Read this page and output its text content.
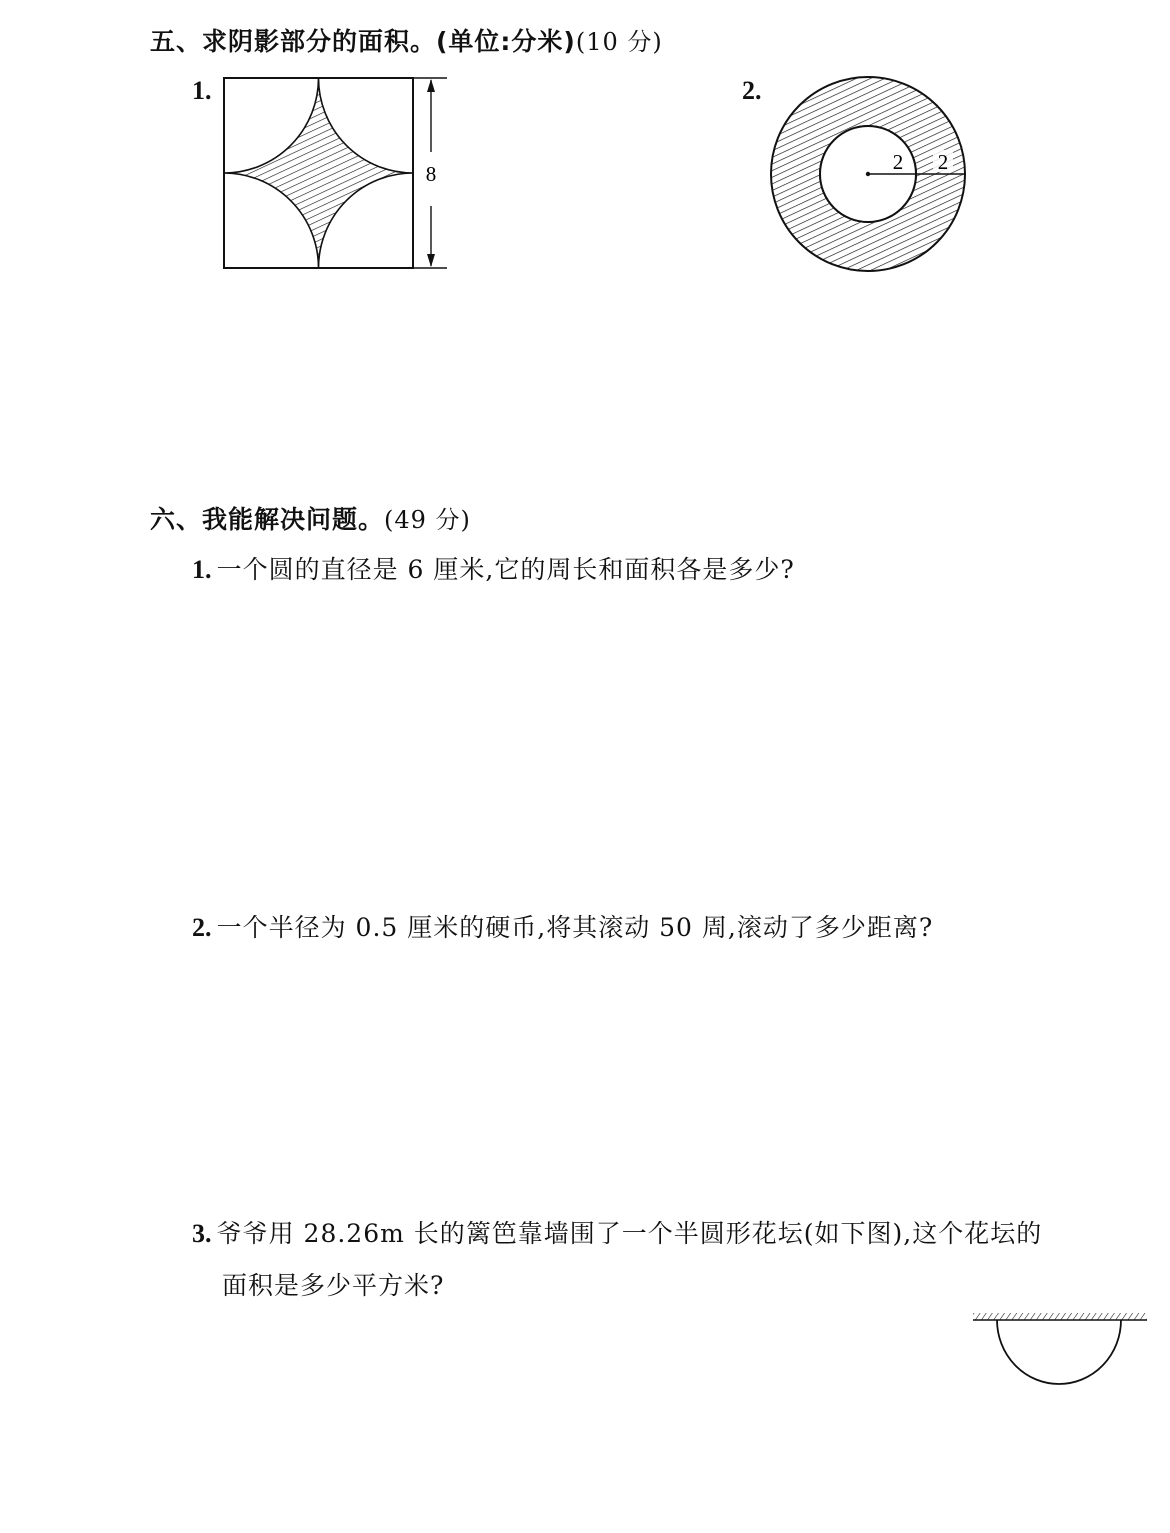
五、求阴影部分的面积。(单位:分米)(10 分)
1.
8
2.
2 2
六、我能解决问题。(49 分)
1. 一个圆的直径是 6 厘米,它的周长和面积各是多少?
2. 一个半径为 0.5 厘米的硬币,将其滚动 50 周,滚动了多少距离?
3. 爷爷用 28.26m 长的篱笆靠墙围了一个半圆形花坛(如下图),这个花坛的
面积是多少平方米?
